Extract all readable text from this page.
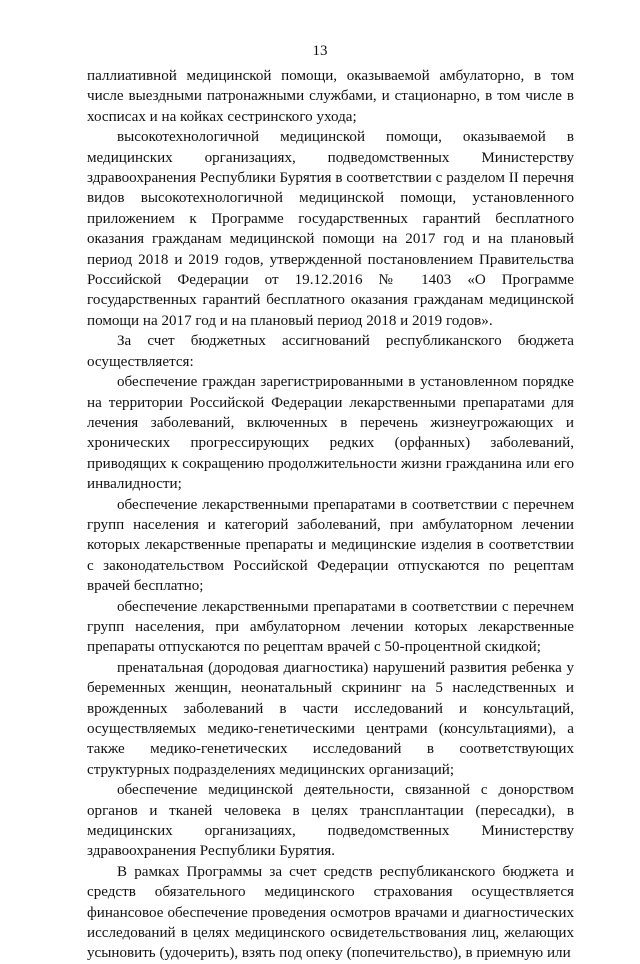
13

паллиативной медицинской помощи, оказываемой амбулаторно, в том числе выездными патронажными службами, и стационарно, в том числе в хосписах и на койках сестринского ухода;

высокотехнологичной медицинской помощи, оказываемой в медицинских организациях, подведомственных Министерству здравоохранения Республики Бурятия в соответствии с разделом II перечня видов высокотехнологичной медицинской помощи, установленного приложением к Программе государственных гарантий бесплатного оказания гражданам медицинской помощи на 2017 год и на плановый период 2018 и 2019 годов, утвержденной постановлением Правительства Российской Федерации от 19.12.2016 № 1403 «О Программе государственных гарантий бесплатного оказания гражданам медицинской помощи на 2017 год и на плановый период 2018 и 2019 годов».

За счет бюджетных ассигнований республиканского бюджета осуществляется:

обеспечение граждан зарегистрированными в установленном порядке на территории Российской Федерации лекарственными препаратами для лечения заболеваний, включенных в перечень жизнеугрожающих и хронических прогрессирующих редких (орфанных) заболеваний, приводящих к сокращению продолжительности жизни гражданина или его инвалидности;

обеспечение лекарственными препаратами в соответствии с перечнем групп населения и категорий заболеваний, при амбулаторном лечении которых лекарственные препараты и медицинские изделия в соответствии с законодательством Российской Федерации отпускаются по рецептам врачей бесплатно;

обеспечение лекарственными препаратами в соответствии с перечнем групп населения, при амбулаторном лечении которых лекарственные препараты отпускаются по рецептам врачей с 50-процентной скидкой;

пренатальная (дородовая диагностика) нарушений развития ребенка у беременных женщин, неонатальный скрининг на 5 наследственных и врожденных заболеваний в части исследований и консультаций, осуществляемых медико-генетическими центрами (консультациями), а также медико-генетических исследований в соответствующих структурных подразделениях медицинских организаций;

обеспечение медицинской деятельности, связанной с донорством органов и тканей человека в целях трансплантации (пересадки), в медицинских организациях, подведомственных Министерству здравоохранения Республики Бурятия.

В рамках Программы за счет средств республиканского бюджета и средств обязательного медицинского страхования осуществляется финансовое обеспечение проведения осмотров врачами и диагностических исследований в целях медицинского освидетельствования лиц, желающих усыновить (удочерить), взять под опеку (попечительство), в приемную или
